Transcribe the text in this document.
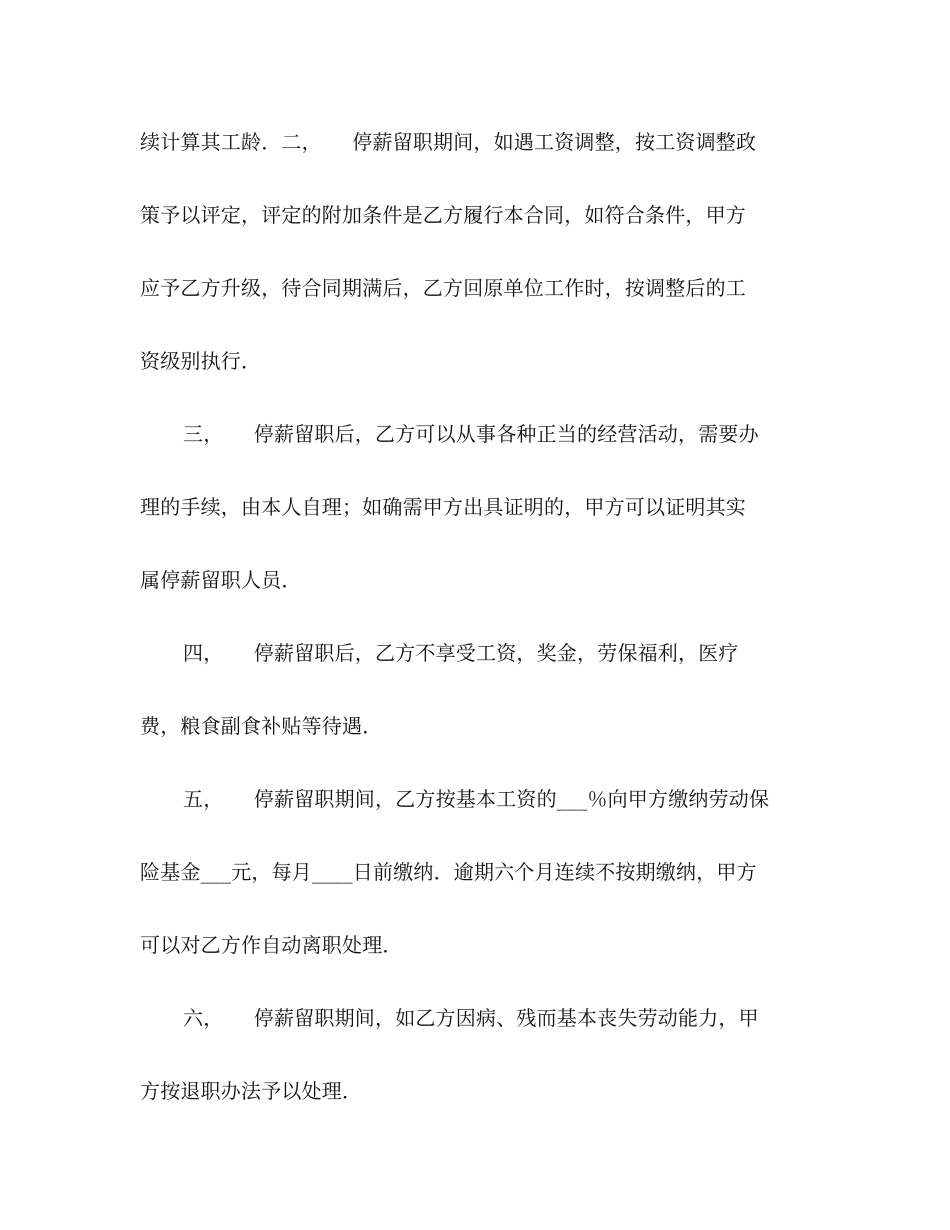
续计算其工龄．二，　　停薪留职期间，如遇工资调整，按工资调整政
策予以评定，评定的附加条件是乙方履行本合同，如符合条件，甲方
应予乙方升级，待合同期满后，乙方回原单位工作时，按调整后的工
资级别执行．
三，　　停薪留职后，乙方可以从事各种正当的经营活动，需要办
理的手续，由本人自理；如确需甲方出具证明的，甲方可以证明其实
属停薪留职人员．
四，　　停薪留职后，乙方不享受工资，奖金，劳保福利，医疗
费，粮食副食补贴等待遇．
五，　　停薪留职期间，乙方按基本工资的___％向甲方缴纳劳动保
险基金___元，每月____日前缴纳．逾期六个月连续不按期缴纳，甲方
可以对乙方作自动离职处理．
六，　　停薪留职期间，如乙方因病、残而基本丧失劳动能力，甲
方按退职办法予以处理．
